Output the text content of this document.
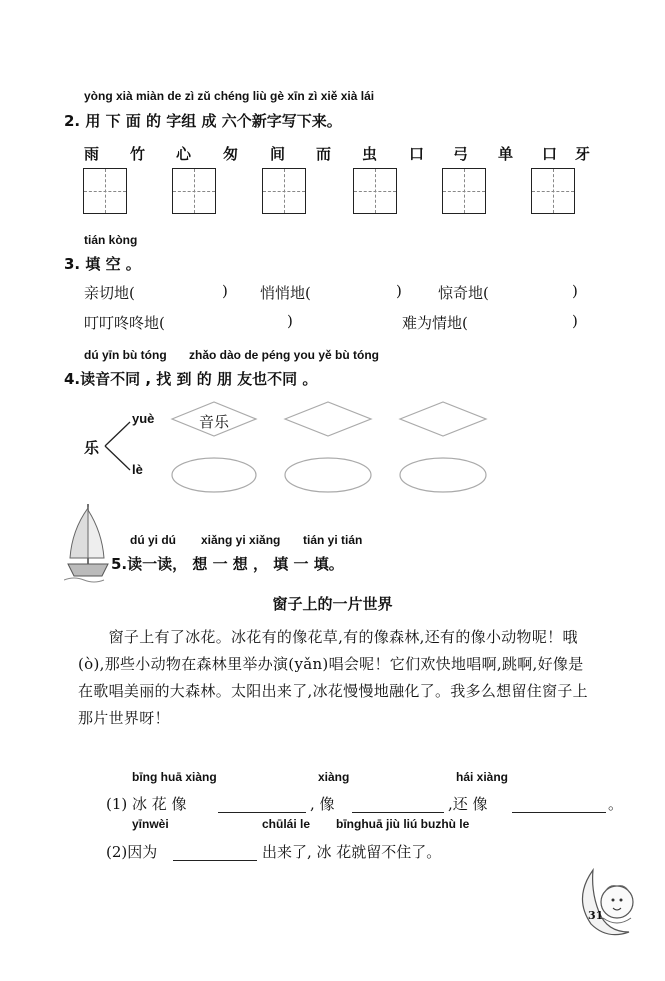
yòng xià miàn de zì zǔ chéng liù gè xīn zì xiě xià lái
2. 用 下 面 的 字组 成 六个新字写下来。
雨 竹 心 匆 间 而 虫 口 弓 单 口 牙
tián kòng
3. 填 空 。
亲切地(	) 悄悄地(	) 惊奇地(	)
叮叮咚咚地(	)	难为情地(	)
dú yīn bù tóng zhǎo dào de péng you yě bù tóng
4.读音不同 , 找 到 的 朋 友也不同 。
乐
yuè
lè
音乐
dú yi dú xiǎng yi xiǎng tián yi tián
5.读一读， 想 一 想 ， 填 一 填。
窗子上的一片世界
　　窗子上有了冰花。冰花有的像花草,有的像森林,还有的像小动物呢！哦(ò),那些小动物在森林里举办演(yǎn)唱会呢！它们欢快地唱啊,跳啊,好像是在歌唱美丽的大森林。太阳出来了,冰花慢慢地融化了。我多么想留住窗子上那片世界呀！
bīng huā xiàng	xiàng	hái xiàng
(1) 冰 花 像	, 像	,还 像	。
yīnwèi	chūlái le bīnghuā jiù liú buzhù le
(2)因为	出来了, 冰 花就留不住了。
31
